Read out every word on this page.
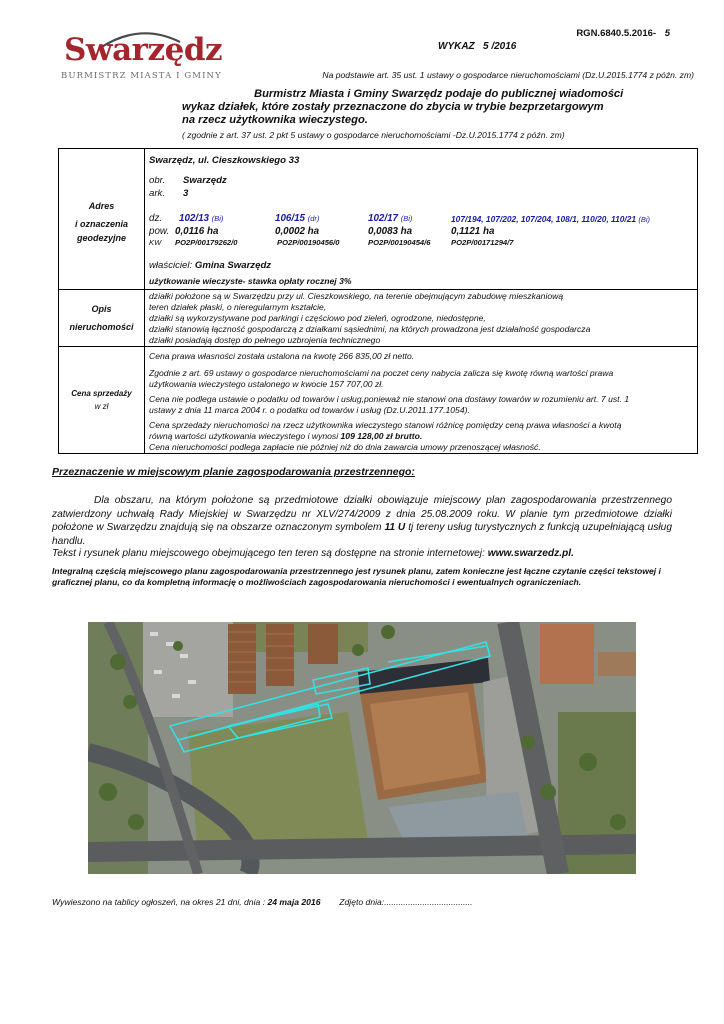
Swarzędz
BURMISTRZ MIASTA I GMINY
RGN.6840.5.2016- 5
WYKAZ   5 /2016
Na podstawie art. 35 ust. 1 ustawy o gospodarce nieruchomościami (Dz.U.2015.1774 z późn. zm)
Burmistrz Miasta i Gminy Swarzędz podaje do publicznej wiadomości
wykaz działek, które zostały przeznaczone do zbycia w trybie bezprzetargowym
na rzecz użytkownika wieczystego.
( zgodnie z art. 37 ust. 2 pkt 5 ustawy o gospodarce nieruchomościami -Dz.U.2015.1774 z późn. zm)
Adres
i oznaczenia
geodezyjne
Swarzędz, ul. Cieszkowskiego 33
obr. Swarzędz
ark. 3
dz. 102/13 (Bi)	106/15 (dr)	102/17 (Bi)	107/194, 107/202, 107/204, 108/1, 110/20, 110/21 (Bi)
pow. 0,0116 ha	0,0002 ha	0,0083 ha	0,1121 ha
KW PO2P/00179262/0	PO2P/00190456/0	PO2P/00190454/6	PO2P/00171294/7
właściciel: Gmina Swarzędz
użytkowanie wieczyste- stawka opłaty rocznej 3%
Opis
nieruchomości
działki położone są w Swarzędzu przy ul. Cieszkowskiego, na terenie obejmującym zabudowę mieszkaniową
teren działek płaski, o nieregularnym kształcie,
działki są wykorzystywane pod parkingi i częściowo pod zieleń, ogrodzone, niedostępne,
działki stanowią łączność gospodarczą z działkami sąsiednimi, na których prowadzona jest działalność gospodarcza
działki posiadają dostęp do pełnego uzbrojenia technicznego
Cena sprzedaży
w zł
Cena prawa własności została ustalona na kwotę 266 835,00 zł netto.
Zgodnie z art. 69 ustawy o gospodarce nieruchomościami na poczet ceny nabycia zalicza się kwotę równą wartości prawa
użytkowania wieczystego ustalonego w kwocie 157 707,00 zł.
Cena nie podlega ustawie o podatku od towarów i usług,ponieważ nie stanowi ona dostawy towarów w rozumieniu art. 7 ust. 1
ustawy z dnia 11 marca 2004 r. o podatku od towarów i usług (Dz.U.2011.177.1054).
Cena sprzedaży nieruchomości na rzecz użytkownika wieczystego stanowi różnicę pomiędzy ceną prawa własności a kwotą
równą wartości użytkowania wieczystego i wynosi 109 128,00 zł brutto.
Cena nieruchomości podlega zapłacie nie później niż do dnia zawarcia umowy przenoszącej własność.
Przeznaczenie w miejscowym planie zagospodarowania przestrzennego:
Dla obszaru, na którym położone są przedmiotowe działki obowiązuje miejscowy plan zagospodarowania przestrzennego zatwierdzony uchwałą Rady Miejskiej w Swarzędzu nr XLV/274/2009 z dnia 25.08.2009 roku. W planie tym przedmiotowe działki położone w Swarzędzu znajdują się na obszarze oznaczonym symbolem 11 U tj tereny usług turystycznych z funkcją uzupełniającą usług handlu.
Tekst i rysunek planu miejscowego obejmującego ten teren są dostępne na stronie internetowej: www.swarzedz.pl.
Integralną częścią miejscowego planu zagospodarowania przestrzennego jest rysunek planu, zatem konieczne jest łączne czytanie części tekstowej i graficznej planu, co da kompletną informację o możliwościach zagospodarowania nieruchomości i ewentualnych ograniczeniach.
Wywieszono na tablicy ogłoszeń, na okres 21 dni, dnia : 24 maja 2016 Zdjęto dnia:.....................................
